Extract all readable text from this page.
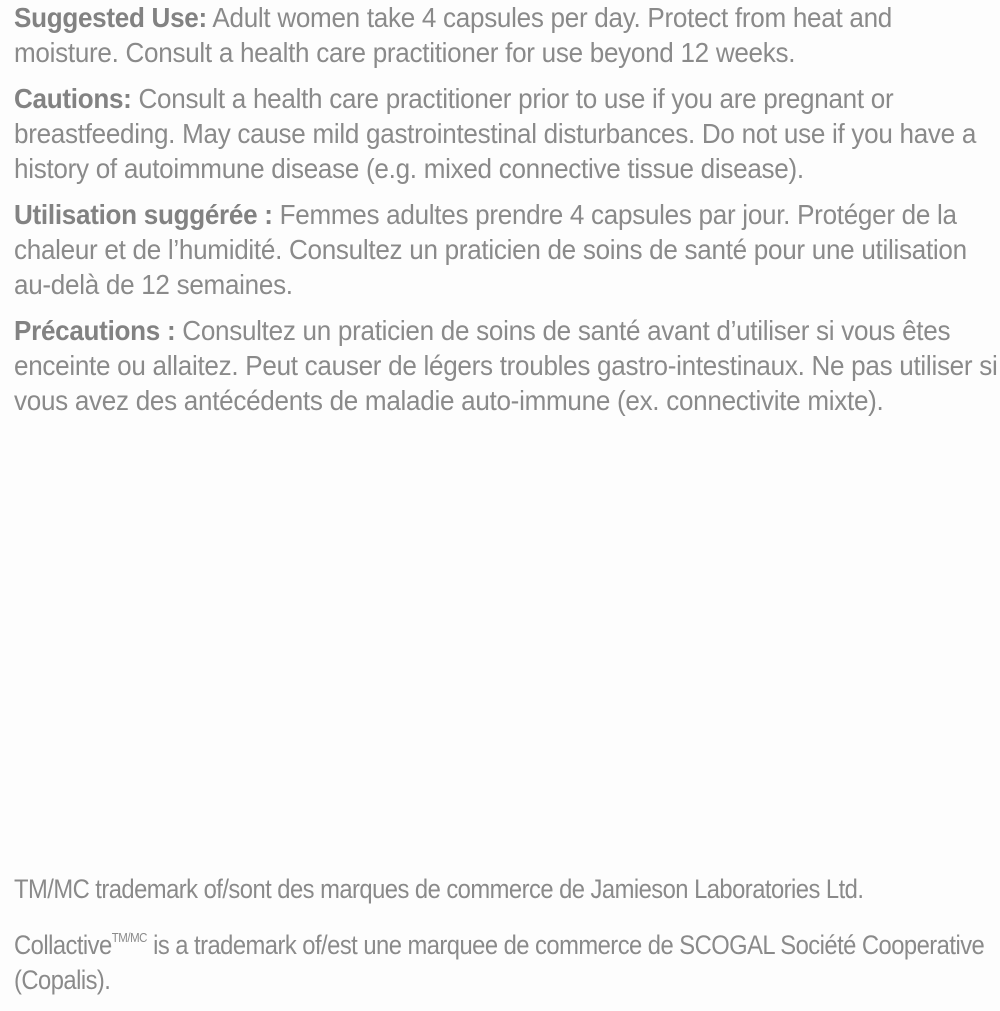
Suggested Use: Adult women take 4 capsules per day. Protect from heat and moisture. Consult a health care practitioner for use beyond 12 weeks.

Cautions: Consult a health care practitioner prior to use if you are pregnant or breastfeeding. May cause mild gastrointestinal disturbances. Do not use if you have a history of autoimmune disease (e.g. mixed connective tissue disease).

Utilisation suggérée : Femmes adultes prendre 4 capsules par jour. Protéger de la chaleur et de l’humidité. Consultez un praticien de soins de santé pour une utilisation au-delà de 12 semaines.

Précautions : Consultez un praticien de soins de santé avant d’utiliser si vous êtes enceinte ou allaitez. Peut causer de légers troubles gastro-intestinaux. Ne pas utiliser si vous avez des antécédents de maladie auto-immune (ex. connectivite mixte).

TM/MC trademark of/sont des marques de commerce de Jamieson Laboratories Ltd.
Collactive$^{TM/MC}$ is a trademark of/est une marquee de commerce de SCOGAL Société Cooperative (Copalis).
